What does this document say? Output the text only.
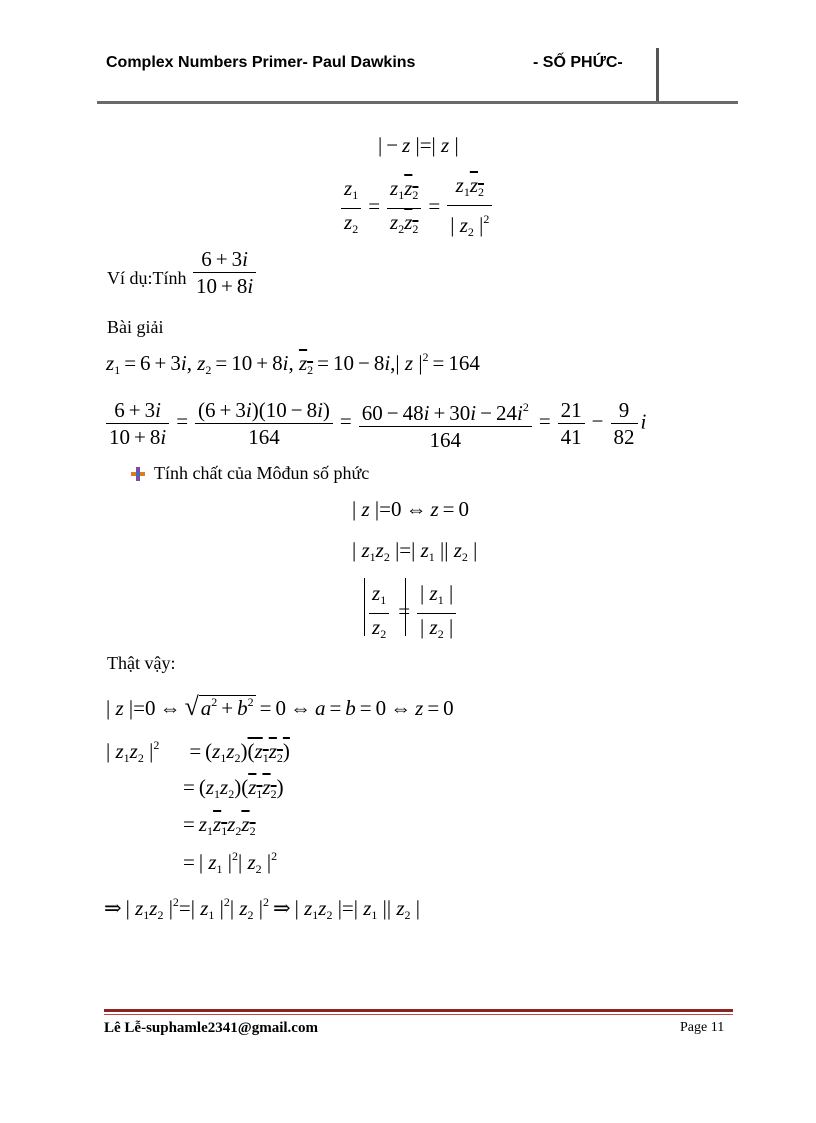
Complex Numbers Primer- Paul Dawkins	- SỐ PHỨC-
| − z |=| z |
$\frac{z_1}{z_2} = \frac{z_1z_2}{z_2z_2} = \frac{z_1z_2}{| z_2 |^2}$
Ví dụ:Tính $\frac{6 + 3i}{10 + 8i}$
Bài giải
$z_1 = 6 + 3i$, $z_2 = 10 + 8i$, $z_2 = 10 - 8i,|$ z $|^2 = 164$
$\frac{6 + 3i}{10 + 8i} = \frac{(6 + 3i)(10 - 8i)}{164} = \frac{60 - 48i + 30i - 24i^2}{164} = \frac{21}{41} - \frac{9}{82}$ i
Tính chất của Môđun số phức
| z |=0 ⇔ z = 0
| $z_1z_2$ |=| $z_1$ || $z_2$ |
$\frac{z_1}{z_2} = \frac{| z_1 |}{| z_2 |}$
Thật vậy:
| z |=0 ⇔ $√a^2 + b^2 = 0$ ⇔ a = b = 0 ⇔ z = 0
| $z_1z_2$ $|^2 = (z_1z_2)(z_1z_2)$
= $(z_1z_2)(z_1z_2)$
= $z_1z_1z_2z_2$
= | $z_1$ $|^2|$ $z_2$ $|^2$
⇒ | $z_1z_2$ $|^2=|$ $z_1$ $|^2|$ $z_2$ $|^2$ ⇒ | $z_1z_2$ |=| $z_1$ || $z_2$ |
Lê Lễ-suphamle2341@gmail.com	Page 11
